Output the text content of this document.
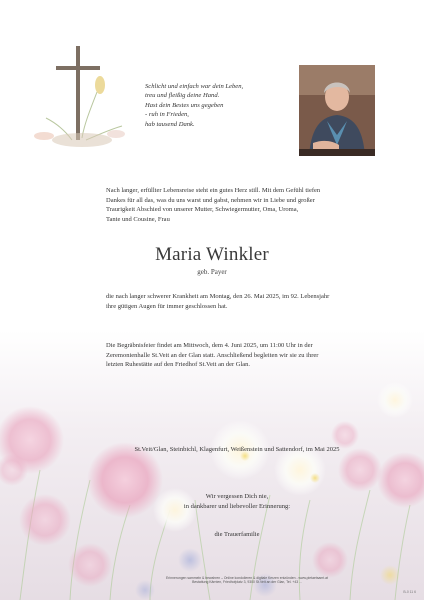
Schlicht und einfach war dein Leben,
treu und fleißig deine Hand.
Hast dein Bestes uns gegeben
- ruh in Frieden,
hab tausend Dank.
Nach langer, erfüllter Lebensreise steht ein gutes Herz still. Mit dem Gefühl tiefen
Dankes für all das, was du uns warst und gabst, nehmen wir in Liebe und großer
Traurigkeit Abschied von unserer Mutter, Schwiegermutter, Oma, Uroma,
Tante und Cousine, Frau
Maria Winkler
geb. Payer
die nach langer schwerer Krankheit am Montag, den 26. Mai 2025, im 92. Lebensjahr
ihre gütigen Augen für immer geschlossen hat.
Die Begräbnisfeier findet am Mittwoch, dem 4. Juni 2025, um 11:00 Uhr in der
Zeremonienhalle St.Veit an der Glan statt. Anschließend begleiten wir sie zu ihrer
letzten Ruhestätte auf den Friedhof St.Veit an der Glan.
St.Veit/Glan, Steinbichl, Klagenfurt, Weißenstein und Sattendorf, im Mai 2025
Wir vergessen Dich nie,
in dankbarer und liebevoller Erinnerung:
die Trauerfamilie
Erinnerungen sammeln & bewahren – Online kondolieren & digitale Kerzen entzünden - www.pietaetsamt.at
Bestattung Kärnten, Friedhofplatz 3, 9300 St.Veit an der Glan, Tel. +43 ...
B-0 11 6
